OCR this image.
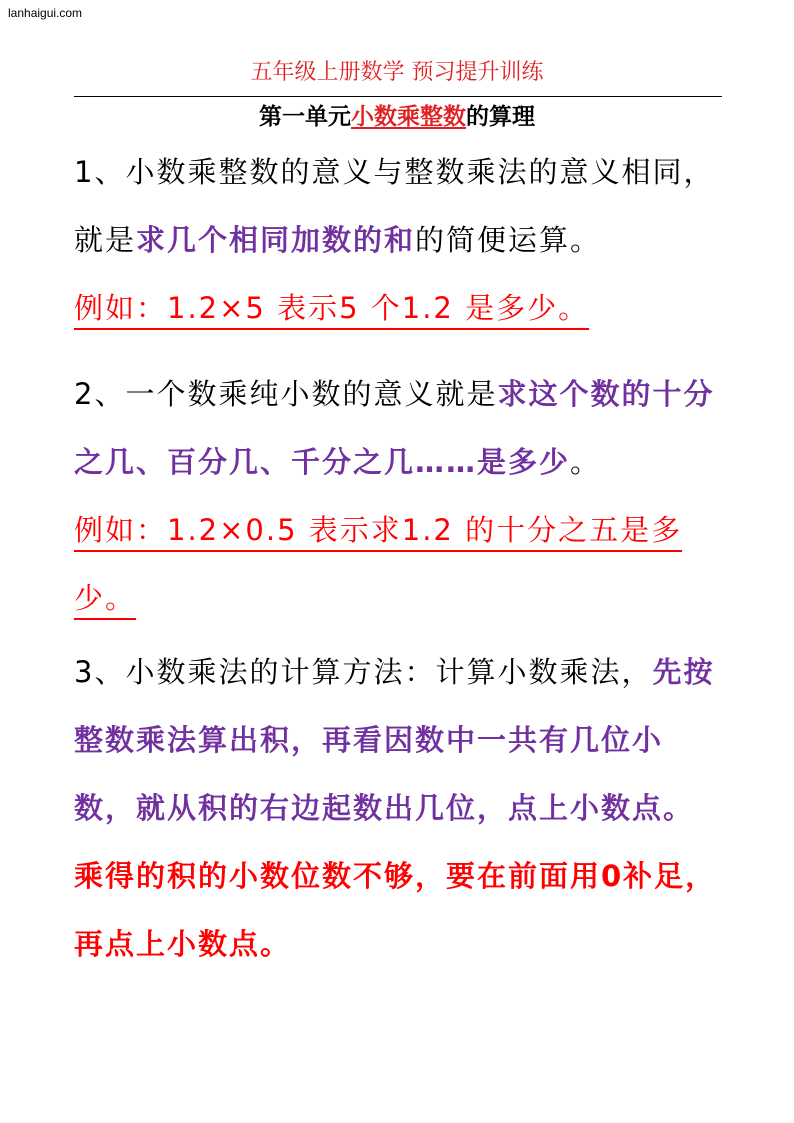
lanhaigui.com
五年级上册数学 预习提升训练
第一单元小数乘整数的算理
1、小数乘整数的意义与整数乘法的意义相同，就是求几个相同加数的和的简便运算。
例如：1.2×5 表示5 个1.2 是多少。
2、一个数乘纯小数的意义就是求这个数的十分之几、百分几、千分之几……是多少。
例如：1.2×0.5 表示求1.2 的十分之五是多少。
3、小数乘法的计算方法：计算小数乘法，先按整数乘法算出积，再看因数中一共有几位小数，就从积的右边起数出几位，点上小数点。乘得的积的小数位数不够，要在前面用0补足，再点上小数点。
